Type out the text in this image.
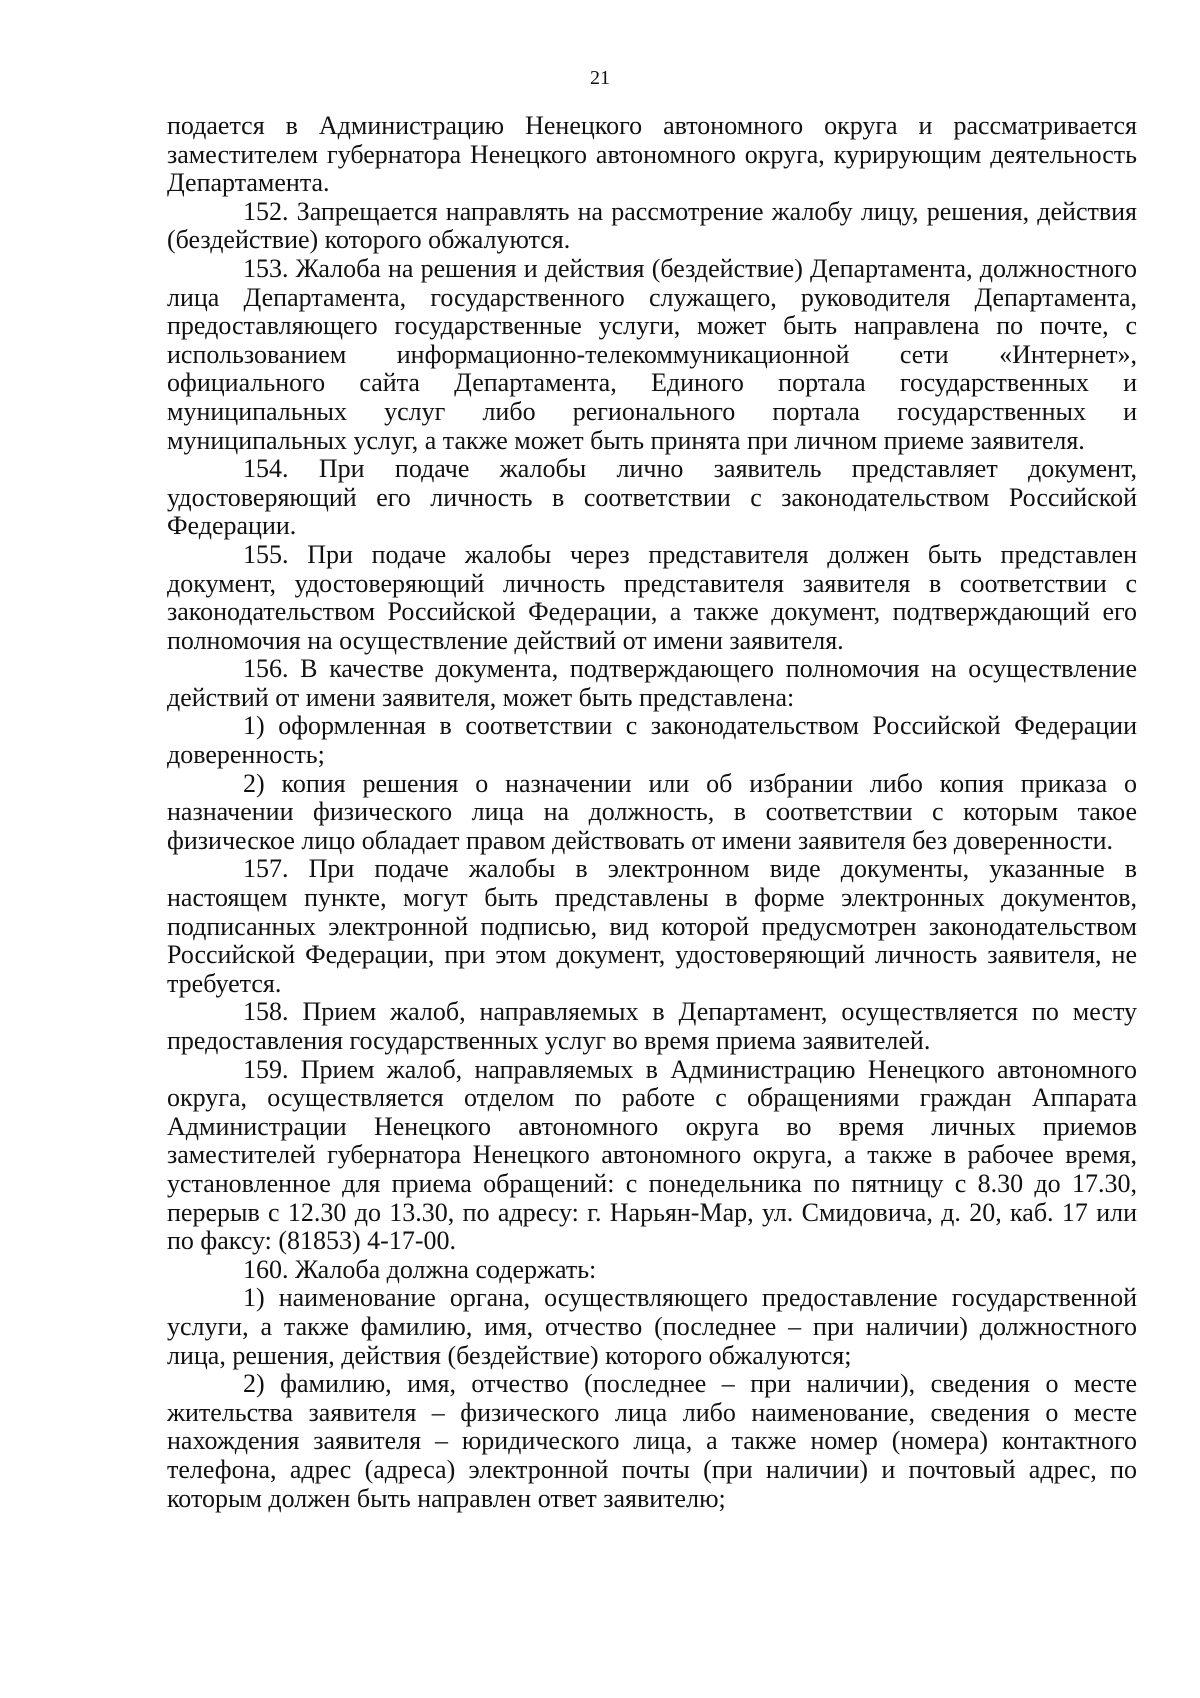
21

подается в Администрацию Ненецкого автономного округа и рассматривается заместителем губернатора Ненецкого автономного округа, курирующим деятельность Департамента.

152. Запрещается направлять на рассмотрение жалобу лицу, решения, действия (бездействие) которого обжалуются.

153. Жалоба на решения и действия (бездействие) Департамента, должностного лица Департамента, государственного служащего, руководителя Департамента, предоставляющего государственные услуги, может быть направлена по почте, с использованием информационно-телекоммуникационной сети «Интернет», официального сайта Департамента, Единого портала государственных и муниципальных услуг либо регионального портала государственных и муниципальных услуг, а также может быть принята при личном приеме заявителя.

154. При подаче жалобы лично заявитель представляет документ, удостоверяющий его личность в соответствии с законодательством Российской Федерации.

155. При подаче жалобы через представителя должен быть представлен документ, удостоверяющий личность представителя заявителя в соответствии с законодательством Российской Федерации, а также документ, подтверждающий его полномочия на осуществление действий от имени заявителя.

156. В качестве документа, подтверждающего полномочия на осуществление действий от имени заявителя, может быть представлена:

1) оформленная в соответствии с законодательством Российской Федерации доверенность;

2) копия решения о назначении или об избрании либо копия приказа о назначении физического лица на должность, в соответствии с которым такое физическое лицо обладает правом действовать от имени заявителя без доверенности.

157. При подаче жалобы в электронном виде документы, указанные в настоящем пункте, могут быть представлены в форме электронных документов, подписанных электронной подписью, вид которой предусмотрен законодательством Российской Федерации, при этом документ, удостоверяющий личность заявителя, не требуется.

158. Прием жалоб, направляемых в Департамент, осуществляется по месту предоставления государственных услуг во время приема заявителей.

159. Прием жалоб, направляемых в Администрацию Ненецкого автономного округа, осуществляется отделом по работе с обращениями граждан Аппарата Администрации Ненецкого автономного округа во время личных приемов заместителей губернатора Ненецкого автономного округа, а также в рабочее время, установленное для приема обращений: с понедельника по пятницу с 8.30 до 17.30, перерыв с 12.30 до 13.30, по адресу: г. Нарьян-Мар, ул. Смидовича, д. 20, каб. 17 или по факсу: (81853) 4-17-00.

160. Жалоба должна содержать:

1) наименование органа, осуществляющего предоставление государственной услуги, а также фамилию, имя, отчество (последнее – при наличии) должностного лица, решения, действия (бездействие) которого обжалуются;

2) фамилию, имя, отчество (последнее – при наличии), сведения о месте жительства заявителя – физического лица либо наименование, сведения о месте нахождения заявителя – юридического лица, а также номер (номера) контактного телефона, адрес (адреса) электронной почты (при наличии) и почтовый адрес, по которым должен быть направлен ответ заявителю;
